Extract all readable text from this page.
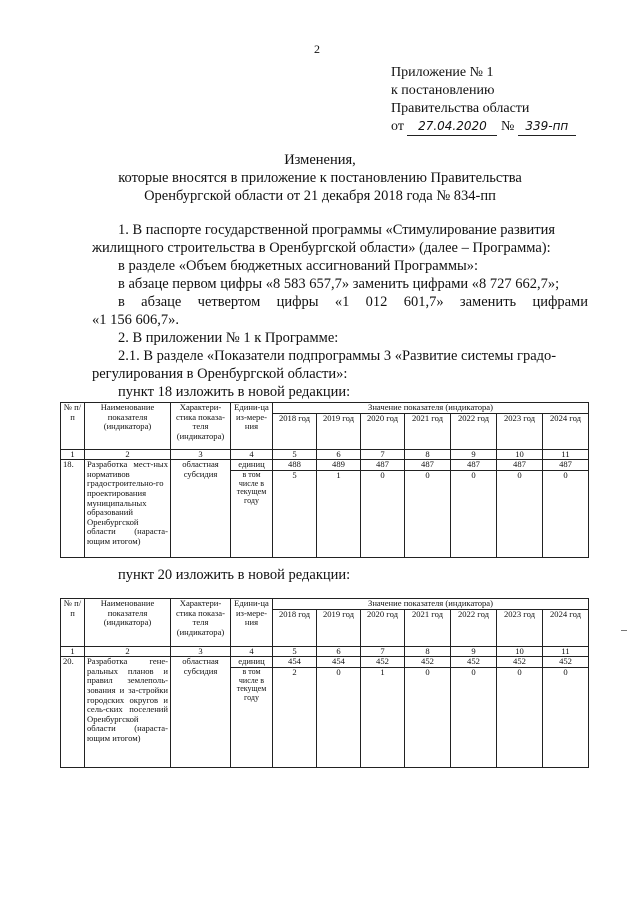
2
Приложение № 1
к постановлению
Правительства области
от 27.04.2020 № 339-пп
Изменения,
которые вносятся в приложение к постановлению Правительства
Оренбургской области от 21 декабря 2018 года № 834-пп
1. В паспорте государственной программы «Стимулирование развития
жилищного строительства в Оренбургской области» (далее – Программа):
в разделе «Объем бюджетных ассигнований Программы»:
в абзаце первом цифры «8 583 657,7» заменить цифрами «8 727 662,7»;
в абзаце четвертом цифры «1 012 601,7» заменить цифрами
«1 156 606,7».
2. В приложении № 1 к Программе:
2.1. В разделе «Показатели подпрограммы 3 «Развитие системы градо-
регулирования в Оренбургской области»:
пункт 18 изложить в новой редакции:
№ п/п	Наименование показателя (индикатора)	Характери-стика показа-теля (индикатора)	Едини-ца из-мере-ния	Значение показателя (индикатора)						
				2018 год	2019 год	2020 год	2021 год	2022 год	2023 год	2024 год
1	2	3	4	5	6	7	8	9	10	11
18.	Разработка мест-ных нормативов градостроительно-го проектирования муниципальных образований Оренбургской области (нараста-ющим итогом)	областная субсидия	единиц	488	489	487	487	487	487	487
			в том числе в текущем году	5	1	0	0	0	0	0
пункт 20 изложить в новой редакции:
№ п/п	Наименование показателя (индикатора)	Характери-стика показа-теля (индикатора)	Едини-ца из-мере-ния	Значение показателя (индикатора)						
				2018 год	2019 год	2020 год	2021 год	2022 год	2023 год	2024 год
1	2	3	4	5	6	7	8	9	10	11
20.	Разработка гене-ральных планов и правил землеполь-зования и за-стройки городских округов и сель-ских поселений Оренбургской области (нараста-ющим итогом)	областная субсидия	единиц	454	454	452	452	452	452	452
			в том числе в текущем году	2	0	1	0	0	0	0
